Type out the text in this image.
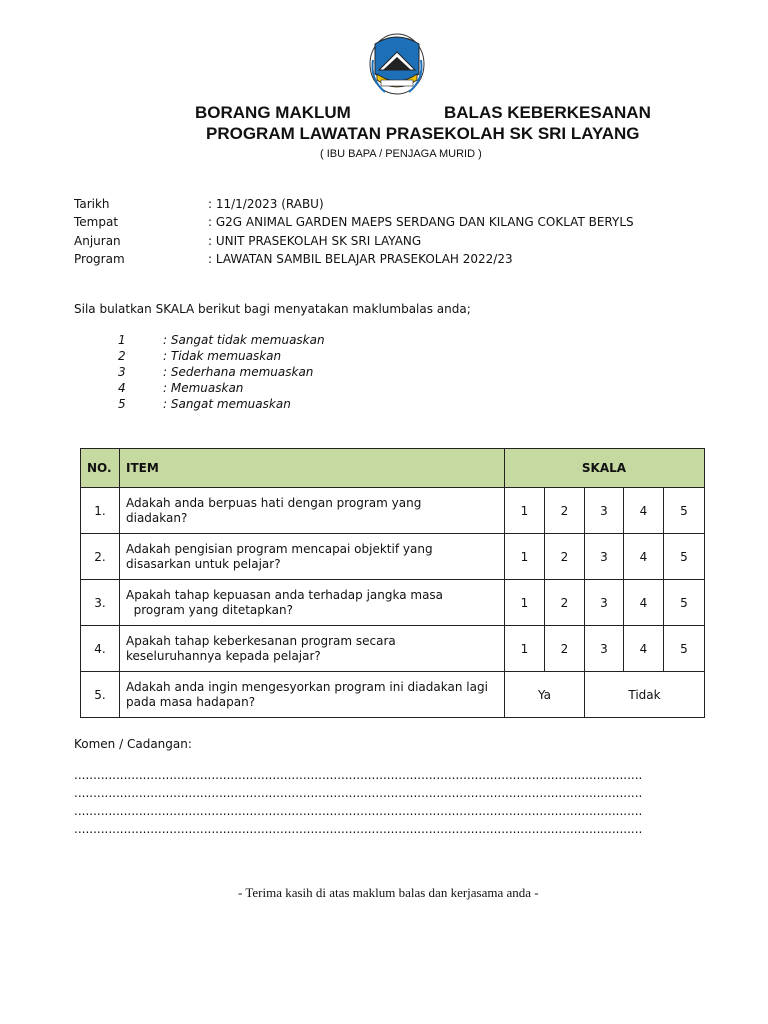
BORANG MAKLUM	BALAS KEBERKESANAN
PROGRAM LAWATAN PRASEKOLAH SK SRI LAYANG
( IBU BAPA / PENJAGA MURID )
Tarikh	: 11/1/2023 (RABU)
Tempat	: G2G ANIMAL GARDEN MAEPS SERDANG DAN KILANG COKLAT BERYLS
Anjuran	: UNIT PRASEKOLAH SK SRI LAYANG
Program	: LAWATAN SAMBIL BELAJAR PRASEKOLAH 2022/23
Sila bulatkan SKALA berikut bagi menyatakan maklumbalas anda;
1	: Sangat tidak memuaskan
2	: Tidak memuaskan
3	: Sederhana memuaskan
4	: Memuaskan
5	: Sangat memuaskan
NO.	ITEM	SKALA				
1.	Adakah anda berpuas hati dengan program yang
diadakan?	1	2	3	4	5
2.	Adakah pengisian program mencapai objektif yang
disasarkan untuk pelajar?	1	2	3	4	5
3.	Apakah tahap kepuasan anda terhadap jangka masa
program yang ditetapkan?	1	2	3	4	5
4.	Apakah tahap keberkesanan program secara
keseluruhannya kepada pelajar?	1	2	3	4	5
5.	Adakah anda ingin mengesyorkan program ini diadakan lagi
pada masa hadapan?	Ya		Tidak		
Komen / Cadangan:
.....................................................................................................................................................
.....................................................................................................................................................
.....................................................................................................................................................
.....................................................................................................................................................
- Terima kasih di atas maklum balas dan kerjasama anda -
